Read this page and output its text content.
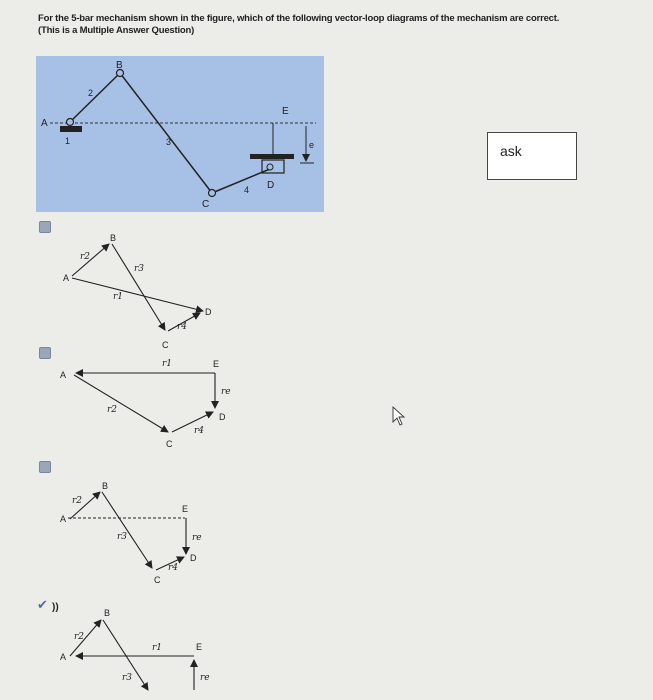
For the 5-bar mechanism shown in the figure, which of the following vector-loop diagrams of the mechanism are correct.
(This is a Multiple Answer Question)
B
A
2
1	3
C
4 D
E
e	ask
✔ ))
B
A
C
D
r2
r3
r1
r4
A
E
D
C
r1
re
r2
r4
B
A
E
D
C
r2
r3	re
r4
B
A
E
r2
r1
re
r3
